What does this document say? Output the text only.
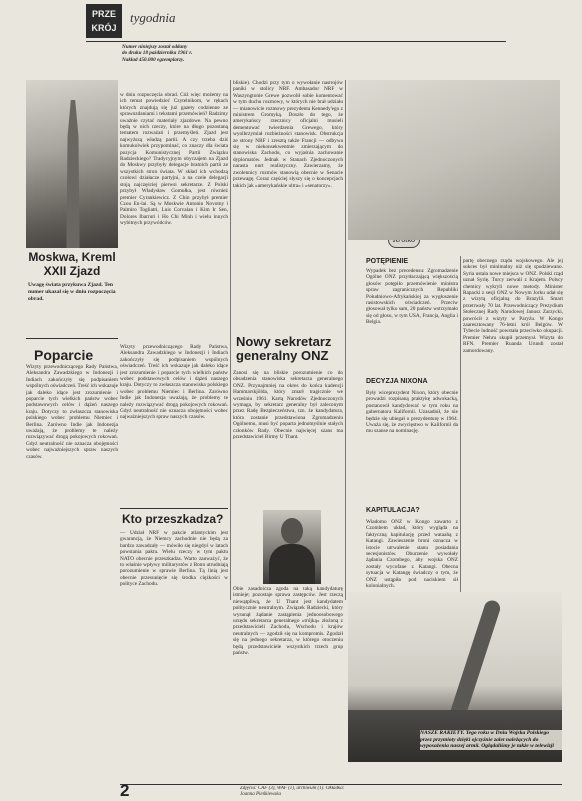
PRZE
KRÓJ
tygodnia
Numer niniejszy został oddany
do druku 18 października 1961 r.
Nakład 450.000 egzemplarzy.
Moskwa, Kreml
XXII Zjazd
Uwagę świata przykuwa Zjazd. Ten numer ukazał się w dniu rozpoczęcia obrad.
w dniu rozpoczęcia obrad. Cóż więc możemy na ich temat powiedzieć Czytelnikom, w rękach których znajdują się już gazety codzienne ze sprawozdaniami i tekstami przemówień? Radzimy uważnie czytać materiały zjazdowe. Na pewno będą w nich rzeczy, które na długo pozostaną tematem rozważań i przemyśleń. Zjazd jest najwyższą władzą partii. A czy trzeba dziś komukolwiek przypominać, co znaczy dla świata pozycja Komunistycznej Partii Związku Radzieckiego? Tradycyjnym obyczajem na Zjazd do Moskwy przybyły delegacje bratnich partii ze wszystkich stron świata. W skład ich wchodzą czołowi działacze partyjni, a na czele delegacji stoją najczęściej pierwsi sekretarze. Z Polski przybył Władysław Gomułka, jest również premier Cyrankiewicz. Z Chin przybył premier Czou En-lai. Są w Moskwie Antonin Novotny i Palmiro Togliatti, Luis Corvalan i Kim Ir Sen, Dolores Ibarruri i Ho Chi Minh i wielu innych wybitnych przywódców.
bliskie). Chodzi przy tym o wywołanie nastrojów paniki w stolicy NRF. Ambasador NRF w Waszyngtonie Grewe pozwolił sobie komentować w tym duchu rozmowy, w których nie brał udziału — mianowicie rozmowy prezydenta Kennedy'ego z ministrem Gromyką. Doszło do tego, że amerykańscy rzecznicy oficjalni musieli dementować twierdzenia Grewego, który wyolbrzymiał rozbieżności stanowisk. Obstrukcja ze strony NRF i zresztą także Francji — odbywa się w niekonsekwentnie zmierzającym do stanowiska Zachodu, co wyjaśnia zachowanie dyplomatów. Jednak w Stanach Zjednoczonych narasta nurt realistyczny. Zawierzamy, że zwolennicy rozmów stanowią obecnie w Senacie przewagę. Coraz częściej słyszy się o koncepcjach takich jak »amerykańskie ultra« i »senatorzy«.
Poparcie
Wizyty przewodniczącego Rady Państwa, Aleksandra Zawadzkiego w Indonezji i Indiach zakończyły się podpisaniem wspólnych oświadczeń. Treść ich wskazuje jak daleko idące jest zrozumienie i poparcie tych wielkich państw wobec podstawowych celów i dążeń naszego kraju. Dotyczy to zwłaszcza stanowiska polskiego wobec problemu Niemiec i Berlina. Zarówno Indie jak Indonezja uważają, że problemy te należy rozwiązywać drogą pokojowych rokowań. Gdyż neutralność nie oznacza obojętności wobec najważniejszych spraw naszych czasów.
Wizyty przewodniczącego Rady Państwa, Aleksandra Zawadzkiego w Indonezji i Indiach zakończyły się podpisaniem wspólnych oświadczeń. Treść ich wskazuje jak daleko idące jest zrozumienie i poparcie tych wielkich państw wobec podstawowych celów i dążeń naszego kraju. Dotyczy to zwłaszcza stanowiska polskiego wobec problemu Niemiec i Berlina. Zarówno Indie jak Indonezja uważają, że problemy te należy rozwiązywać drogą pokojowych rokowań. Gdyż neutralność nie oznacza obojętności wobec najważniejszych spraw naszych czasów.
Kto przeszkadza?
— Udział NRF w pakcie atlantyckim jest gwarancją, że Niemcy zachodnie nie będą za bardzo zawadzały — mówiło się niegdyś w latach powstania paktu. Wielu rzeczy w tym paktu NATO obecnie przeszkadza. Warto zauważyć, że to właśnie wpływy militarystów z Bonn utrudniają porozumienie w sprawie Berlina. Tą linią jest obecnie przesunięcie się środka ciężkości w polityce Zachodu.
Nowy sekretarz
generalny ONZ
Zanosi się na bliskie porozumienie co do obsadzenia stanowiska sekretarza generalnego ONZ. Przynajmniej na okres do końca kadencji Hammarskjölda, który zmarł tragicznie we wrześniu 1961. Kartą Narodów Zjednoczonych wymaga, by sekretarz generalny był zaleconym przez Radę Bezpieczeństwa, tzn. że kandydatura, która zostanie przedstawiona Zgromadzeniu Ogólnemu, musi być poparta jednomyślnie stałych członków Rady. Obecnie najwięcej szans ma przedstawiciel Birmy U Thant.
Obie zasadnicza zgoda na taką kandydaturę istnieje; pozostaje sprawa zastępców. Jest rzeczą niewątpliwą, że U Thant jest kandydatem politycznie neutralnym. Związek Radziecki, który wysunął żądanie zastąpienia jednoosobowego urzędu sekretarza generalnego »trójką« złożoną z przedstawicieli Zachodu, Wschodu i krajów neutralnych — zgodził się na kompromis. Zgodził się na jednego sekretarza, w którego otoczeniu będą przedstawiciele wszystkich trzech grup państw.
POTĘPIENIE
Wypadek bez precedensu: Zgromadzenie Ogólne ONZ przytłaczającą większością głosów potępiło przemówienie ministra spraw zagranicznych Republiki Południowo-Afrykańskiej za wygłoszenie rasistowskich oświadczeń. Przeciw głosował tylko sam, 20 państw wstrzymało się od głosu, w tym USA, Francja, Anglia i Belgia.
DECYZJA NIXONA
Były wiceprezydent Nixon, który obecnie prowadzi rozpisaną praktykę adwokacką, postanowił kandydować w tym roku na gubernatora Kalifornii. Uzasadnił, że nie będzie się ubiegał o prezydenturę w 1964. Uważa się, że zwycięstwo w Kalifornii da mu szanse na nominację.
KAPITULACJA?
Wiadomo ONZ w Kongo zawarto z Czombem układ, który wygląda na faktyczną kapitulację przed wataahą z Katangi. Zawieszenie broni oznacza w istocie utrwalenie stanu posiadania secesjonistów. Oburzenie wywołały żądania Czombego, aby wojska ONZ zostały wycofane z Katangi. Obecna sytuacja w Katangę świadczy o tym, że ONZ ustąpiła pod naciskiem sił kolonialnych.
partę obecnego rządu wojskowego. Ale jej sukces był minimalny niż się spodziewano. Syria ustala nowe miejsca w ONZ. Polski rząd uznał Syrię. Turcy zerwali z Krajem. Polscy chemicy wykryli nowe metody. Minister Rapacki z sesji ONZ w Nowym Jorku udał się z wizytą oficjalną do Brazylii. Smart przetrwały 70 lat. Przewodniczący Prezydium Stołecznej Rady Narodowej Janusz Zarzycki, powrócił z wizyty w Paryżu. W Kongo zaaresztowany 76-letni król Belgów. W Tybecie ludność powstała przeciwko okupacji. Premier Nehru skupił przemysł. Wizyta do RFN. Premier Ruanda Urundi został zamordowany.
NASZE RAKIETY. Tego roku w Dniu Wojska Polskiego przez przymioty dzięki ojczyźnie zalet należących do wyposażenia naszej armii. Oglądaliśmy je także w telewizji
2	Zdjęcia: CAF (3), WAF (1), archiwum (1). Okładka: Joanna Pieńkiewska
